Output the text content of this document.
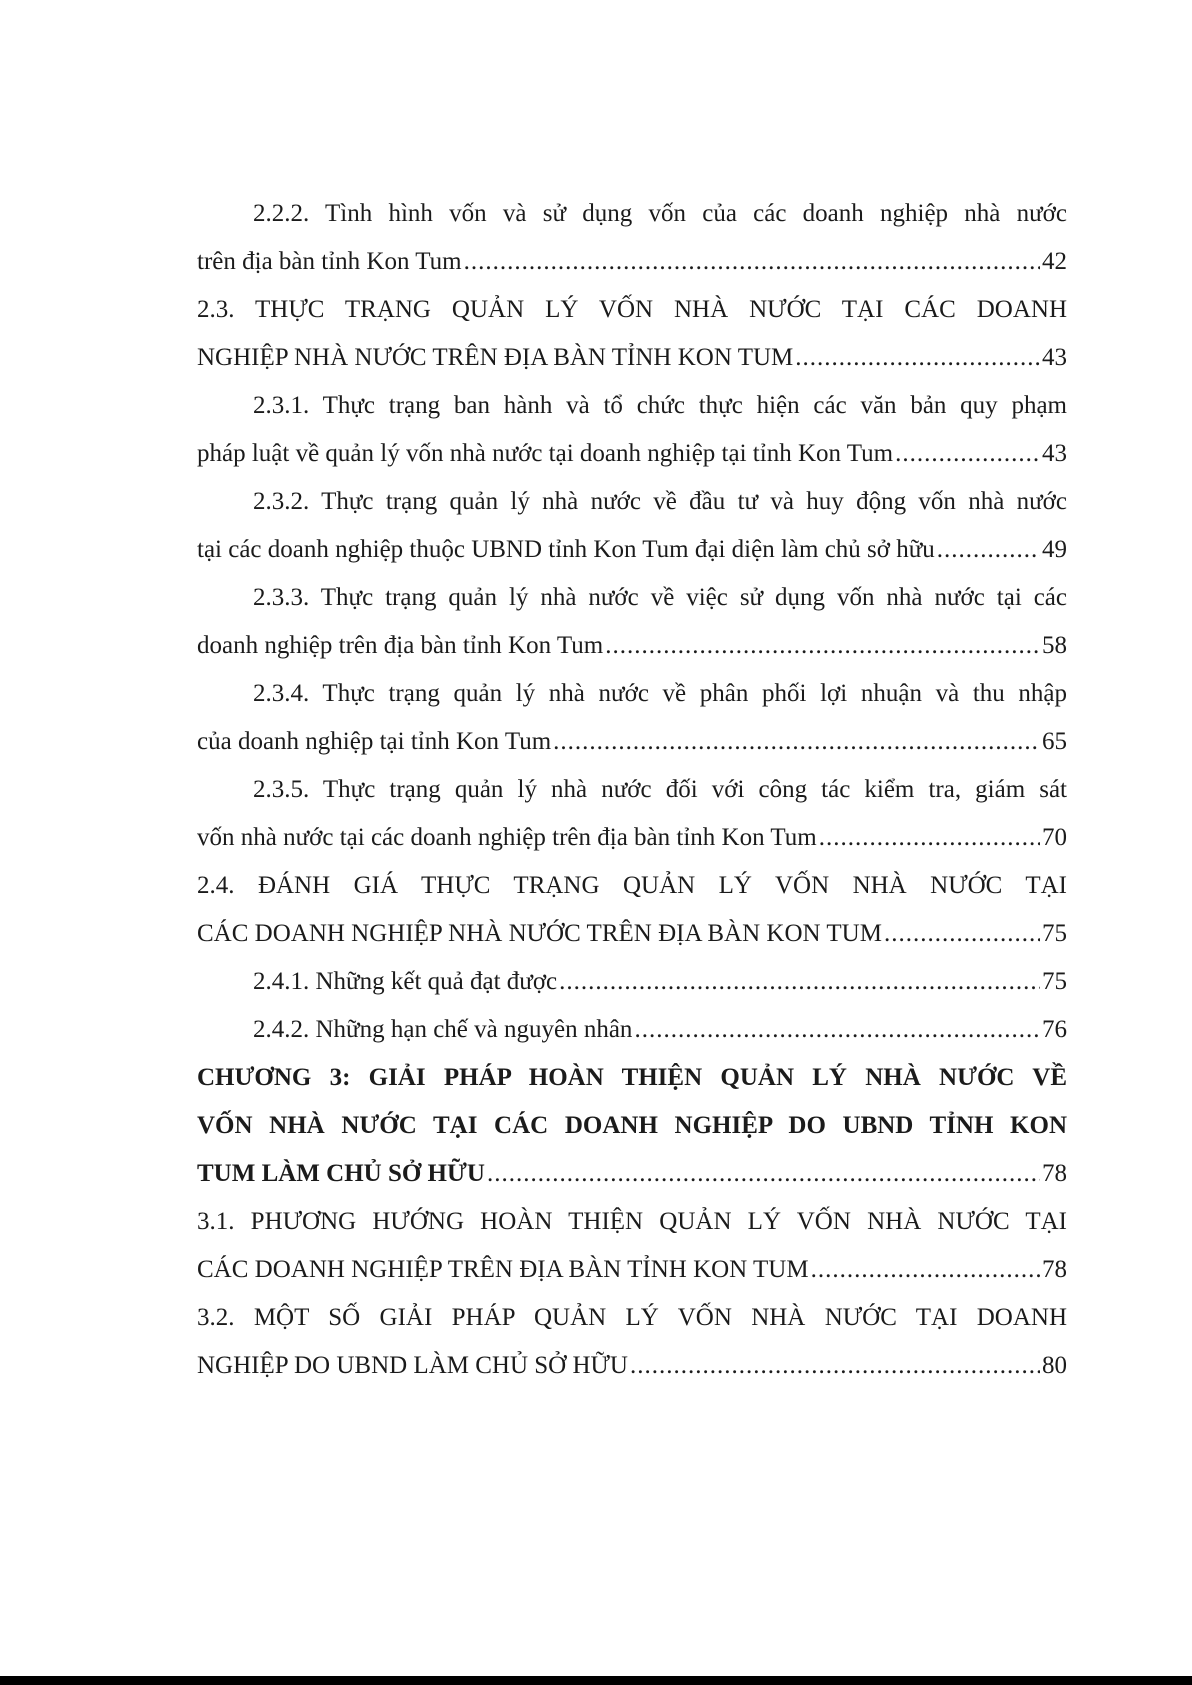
2.2.2. Tình hình vốn và sử dụng vốn của các doanh nghiệp nhà nước
trên địa bàn tỉnh Kon Tum .....	42
2.3. THỰC TRẠNG QUẢN LÝ VỐN NHÀ NƯỚC TẠI CÁC DOANH
NGHIỆP NHÀ NƯỚC TRÊN ĐỊA BÀN TỈNH KON TUM .....	43
2.3.1. Thực trạng ban hành và tổ chức thực hiện các văn bản quy phạm
pháp luật về quản lý vốn nhà nước tại doanh nghiệp tại tỉnh Kon Tum .....	43
2.3.2. Thực trạng quản lý nhà nước về đầu tư và huy động vốn nhà nước
tại các doanh nghiệp thuộc UBND tỉnh Kon Tum đại diện làm chủ sở hữu .....	49
2.3.3. Thực trạng quản lý nhà nước về việc sử dụng vốn nhà nước tại các
doanh nghiệp trên địa bàn tỉnh Kon Tum .....	58
2.3.4. Thực trạng quản lý nhà nước về phân phối lợi nhuận và thu nhập
của doanh nghiệp tại tỉnh Kon Tum .....	65
2.3.5. Thực trạng quản lý nhà nước đối với công tác kiểm tra, giám sát
vốn nhà nước tại các doanh nghiệp trên địa bàn tỉnh Kon Tum .....	70
2.4. ĐÁNH GIÁ THỰC TRẠNG QUẢN LÝ VỐN NHÀ NƯỚC TẠI
CÁC DOANH NGHIỆP NHÀ NƯỚC TRÊN ĐỊA BÀN KON TUM .....	75
2.4.1. Những kết quả đạt được .....	75
2.4.2. Những hạn chế và nguyên nhân .....	76
CHƯƠNG 3: GIẢI PHÁP HOÀN THIỆN QUẢN LÝ NHÀ NƯỚC VỀ
VỐN NHÀ NƯỚC TẠI CÁC DOANH NGHIỆP DO UBND TỈNH KON
TUM LÀM CHỦ SỞ HỮU .....	78
3.1. PHƯƠNG HƯỚNG HOÀN THIỆN QUẢN LÝ VỐN NHÀ NƯỚC TẠI
CÁC DOANH NGHIỆP TRÊN ĐỊA BÀN TỈNH KON TUM .....	78
3.2. MỘT SỐ GIẢI PHÁP QUẢN LÝ VỐN NHÀ NƯỚC TẠI DOANH
NGHIỆP DO UBND LÀM CHỦ SỞ HỮU .....	80
